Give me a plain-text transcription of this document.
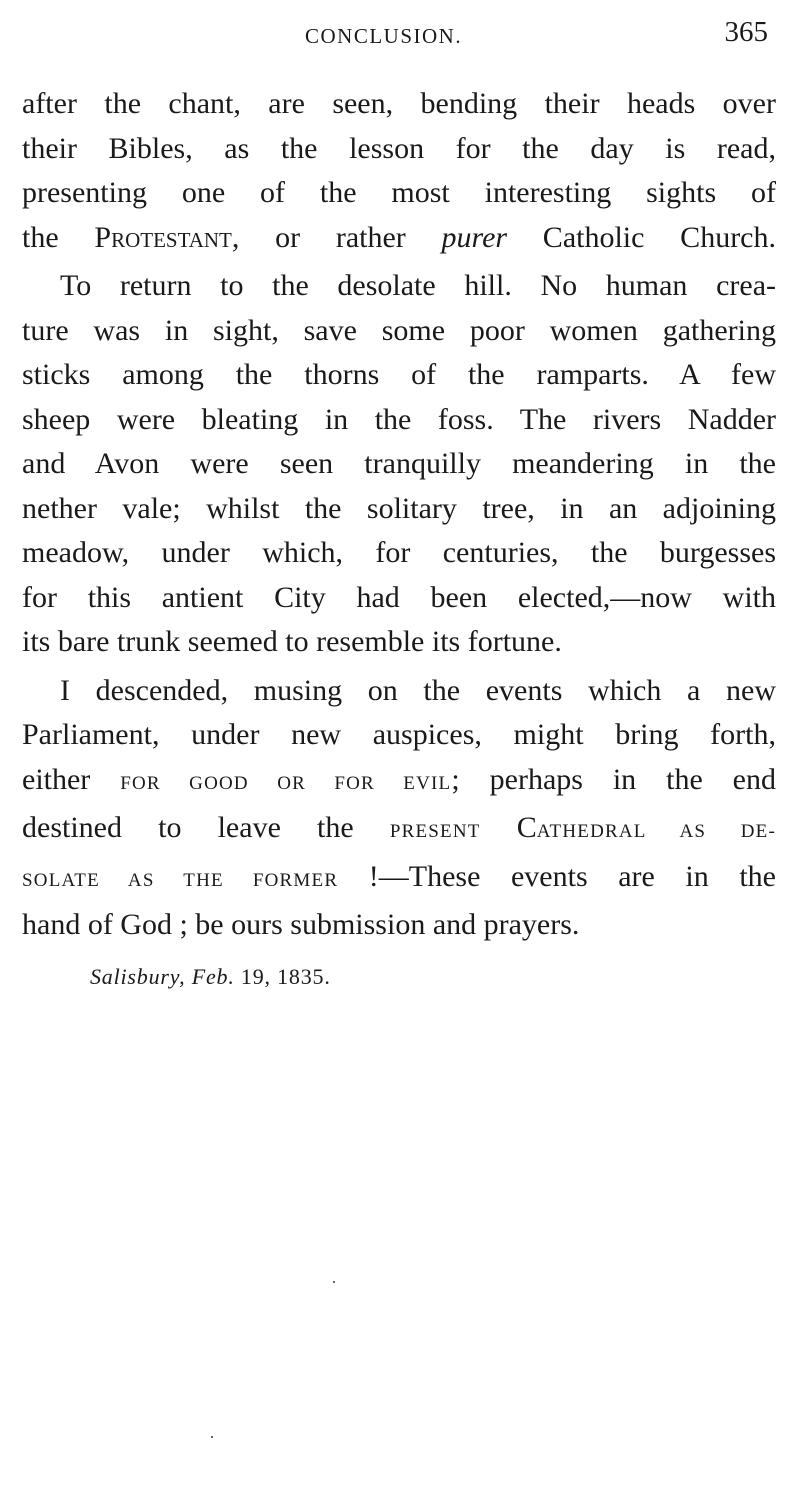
CONCLUSION.	365
after the chant, are seen, bending their heads over
their Bibles, as the lesson for the day is read,
presenting one of the most interesting sights of
the Protestant, or rather purer Catholic Church.
To return to the desolate hill. No human crea-
ture was in sight, save some poor women gathering
sticks among the thorns of the ramparts. A few
sheep were bleating in the foss. The rivers Nadder
and Avon were seen tranquilly meandering in the
nether vale; whilst the solitary tree, in an adjoining
meadow, under which, for centuries, the burgesses
for this antient City had been elected,—now with
its bare trunk seemed to resemble its fortune.
I descended, musing on the events which a new
Parliament, under new auspices, might bring forth,
either FOR GOOD OR FOR EVIL; perhaps in the end
destined to leave the PRESENT CATHEDRAL AS DE-
SOLATE AS THE FORMER !—These events are in the
hand of God ; be ours submission and prayers.
Salisbury, Feb. 19, 1835.
